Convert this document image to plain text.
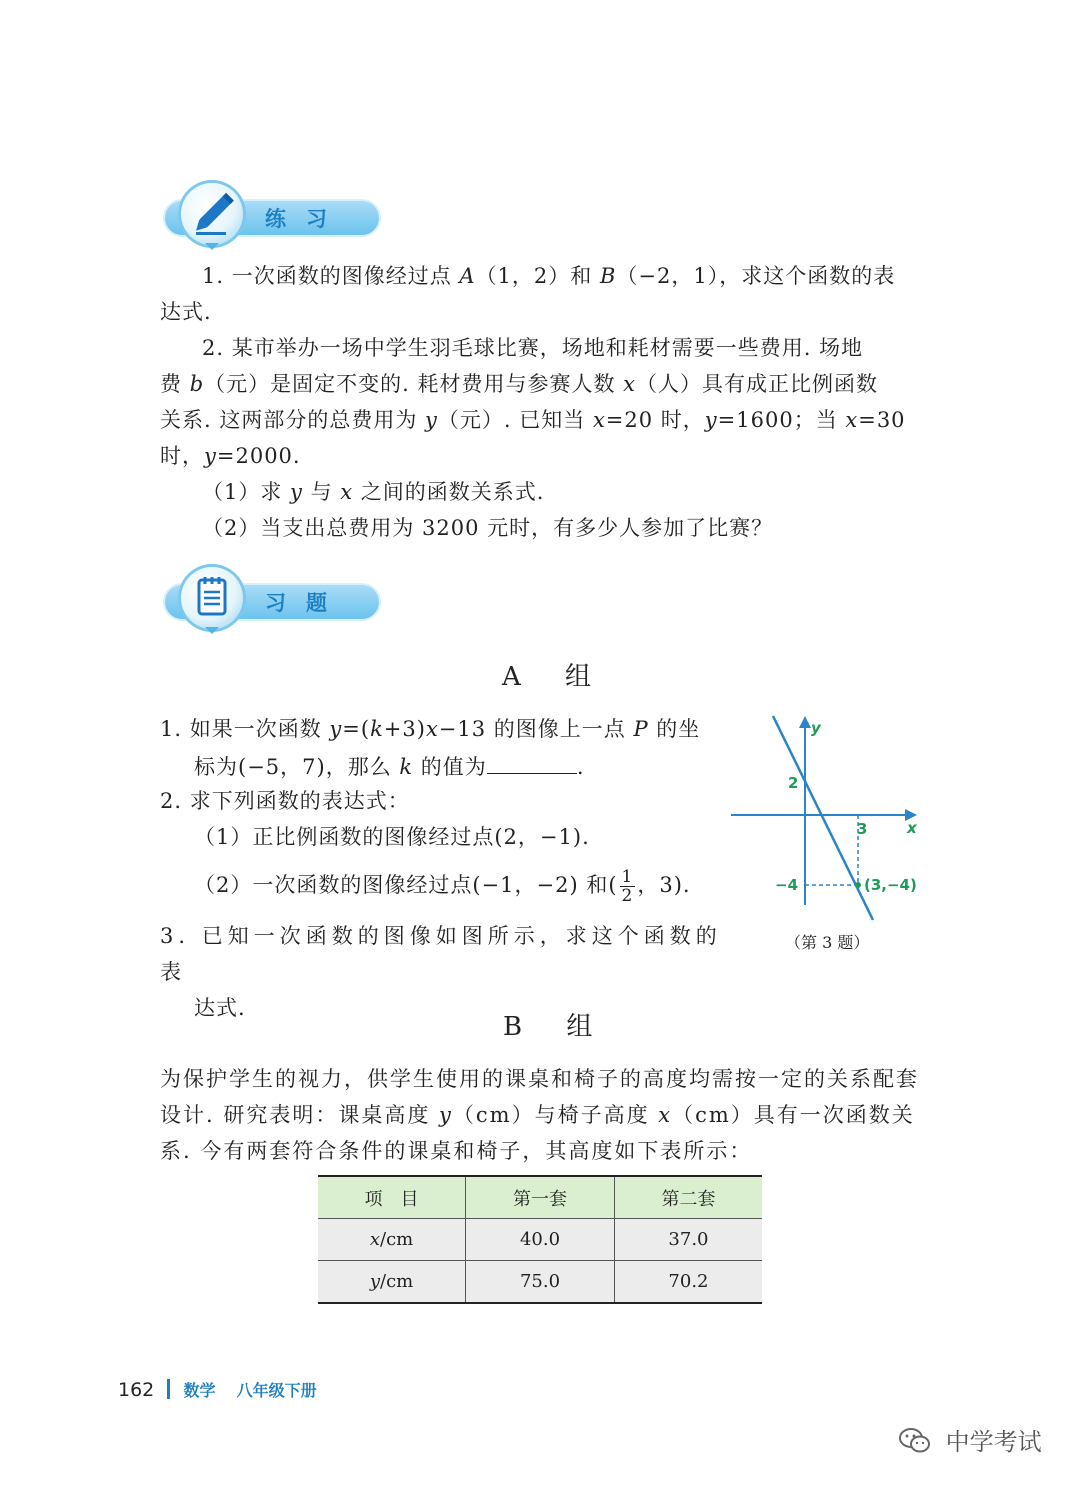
练习
1. 一次函数的图像经过点 A（1，2）和 B（−2，1），求这个函数的表
达式.
2. 某市举办一场中学生羽毛球比赛，场地和耗材需要一些费用. 场地
费 b（元）是固定不变的. 耗材费用与参赛人数 x（人）具有成正比例函数
关系. 这两部分的总费用为 y（元）. 已知当 x=20 时，y=1600；当 x=30
时，y=2000.
（1）求 y 与 x 之间的函数关系式.
（2）当支出总费用为 3200 元时，有多少人参加了比赛？
习题
A 组
1. 如果一次函数 y=(k+3)x−13 的图像上一点 P 的坐
标为(−5，7)，那么 k 的值为	.
2. 求下列函数的表达式：
（1）正比例函数的图像经过点(2，−1).
（2）一次函数的图像经过点(−1，−2) 和( $\frac{1}{2}$ ，3).
3. 已知一次函数的图像如图所示，求这个函数的表
达式.
y
x
2
3
−4	(3,−4)
（第 3 题）
B 组
为保护学生的视力，供学生使用的课桌和椅子的高度均需按一定的关系配套
设计. 研究表明：课桌高度 y（cm）与椅子高度 x（cm）具有一次函数关
系. 今有两套符合条件的课桌和椅子，其高度如下表所示：
项　目	第一套	第二套
x/cm	40.0	37.0
y/cm	75.0	70.2
162 数学 八年级下册
中学考试
